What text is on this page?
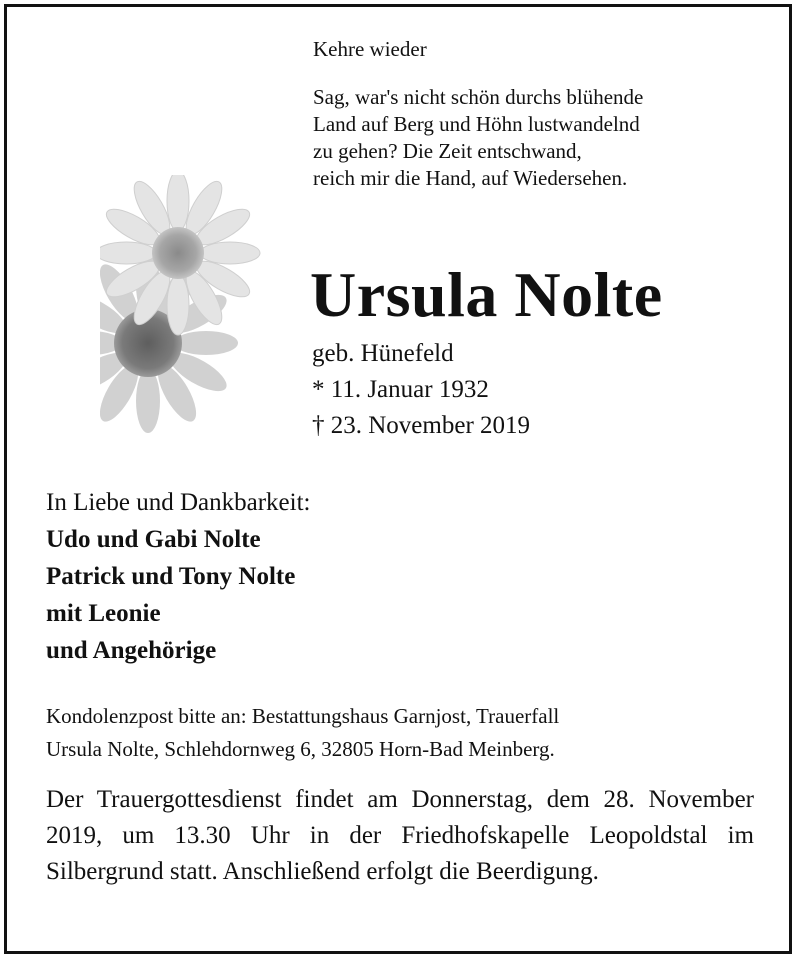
Kehre wieder
Sag, war's nicht schön durchs blühende
Land auf Berg und Höhn lustwandelnd
zu gehen? Die Zeit entschwand,
reich mir die Hand, auf Wiedersehen.
Ursula Nolte
geb. Hünefeld
* 11. Januar 1932
† 23. November 2019
In Liebe und Dankbarkeit:
Udo und Gabi Nolte
Patrick und Tony Nolte
mit Leonie
und Angehörige
Kondolenzpost bitte an: Bestattungshaus Garnjost, Trauerfall
Ursula Nolte, Schlehdornweg 6, 32805 Horn-Bad Meinberg.
Der Trauergottesdienst findet am Donnerstag, dem 28. November 2019, um 13.30 Uhr in der Friedhofskapelle Leopoldstal im Silbergrund statt. Anschließend erfolgt die Beerdigung.
